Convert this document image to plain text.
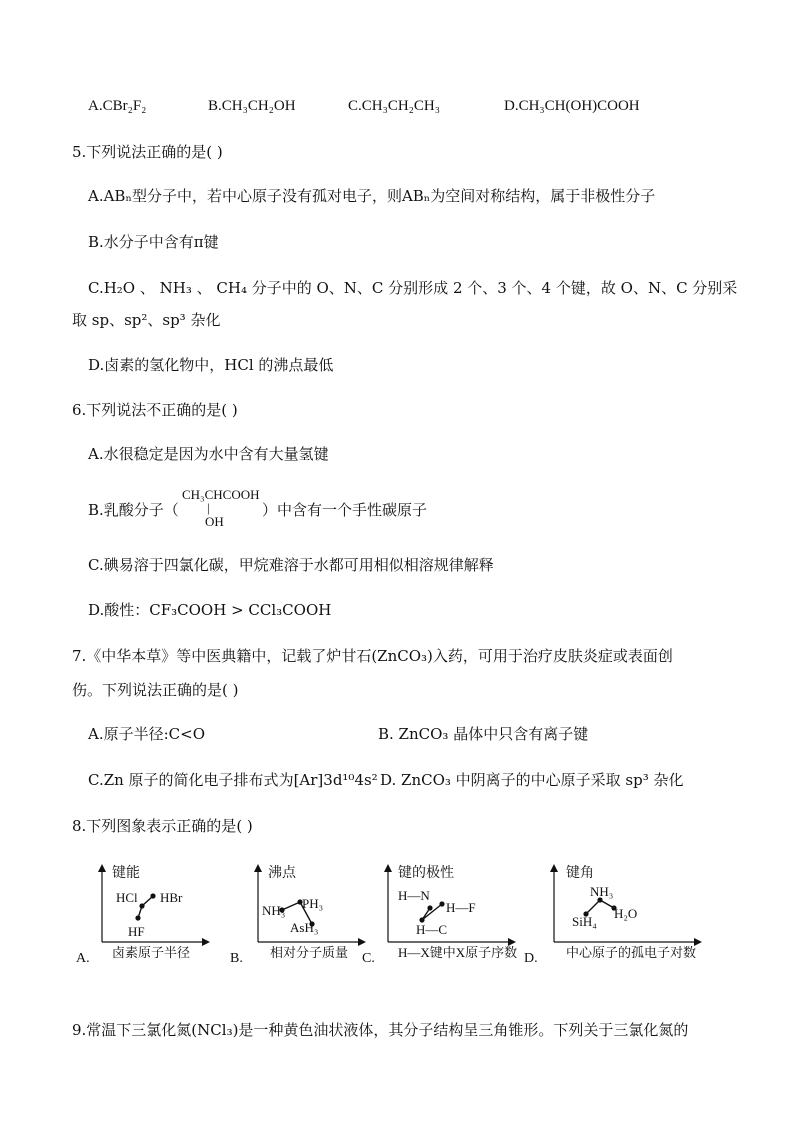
A.CBr₂F₂	B.CH₃CH₂OH	C.CH₃CH₂CH₃	D.CH₃CH(OH)COOH
5.下列说法正确的是( )
A.ABₙ型分子中，若中心原子没有孤对电子，则ABₙ为空间对称结构，属于非极性分子
B.水分子中含有π键
C.H₂O 、 NH₃ 、 CH₄ 分子中的 O、N、C 分别形成 2 个、3 个、4 个键，故 O、N、C 分别采
取 sp、sp²、sp³ 杂化
D.卤素的氢化物中，HCl 的沸点最低
6.下列说法不正确的是( )
A.水很稳定是因为水中含有大量氢键
B.乳酸分子（
CH₃CHCOOH
|
OH
）中含有一个手性碳原子
C.碘易溶于四氯化碳，甲烷难溶于水都可用相似相溶规律解释
D.酸性：CF₃COOH > CCl₃COOH
7.《中华本草》等中医典籍中，记载了炉甘石(ZnCO₃)入药，可用于治疗皮肤炎症或表面创
伤。下列说法正确的是( )
A.原子半径:C<O	B. ZnCO₃ 晶体中只含有离子键
C.Zn 原子的简化电子排布式为[Ar]3d¹⁰4s² D. ZnCO₃ 中阴离子的中心原子采取 sp³ 杂化
8.下列图象表示正确的是( )
A.
键能
HCl HBr
HF
卤素原子半径	B.
沸点
NH₃ PH₃
AsH₃
相对分子质量 C.
键的极性
H—N
H—F
H—C
H—X键中X原子序数 D.
键角
NH₃
H₂O
SiH₄
中心原子的孤电子对数
9.常温下三氯化氮(NCl₃)是一种黄色油状液体，其分子结构呈三角锥形。下列关于三氯化氮的
